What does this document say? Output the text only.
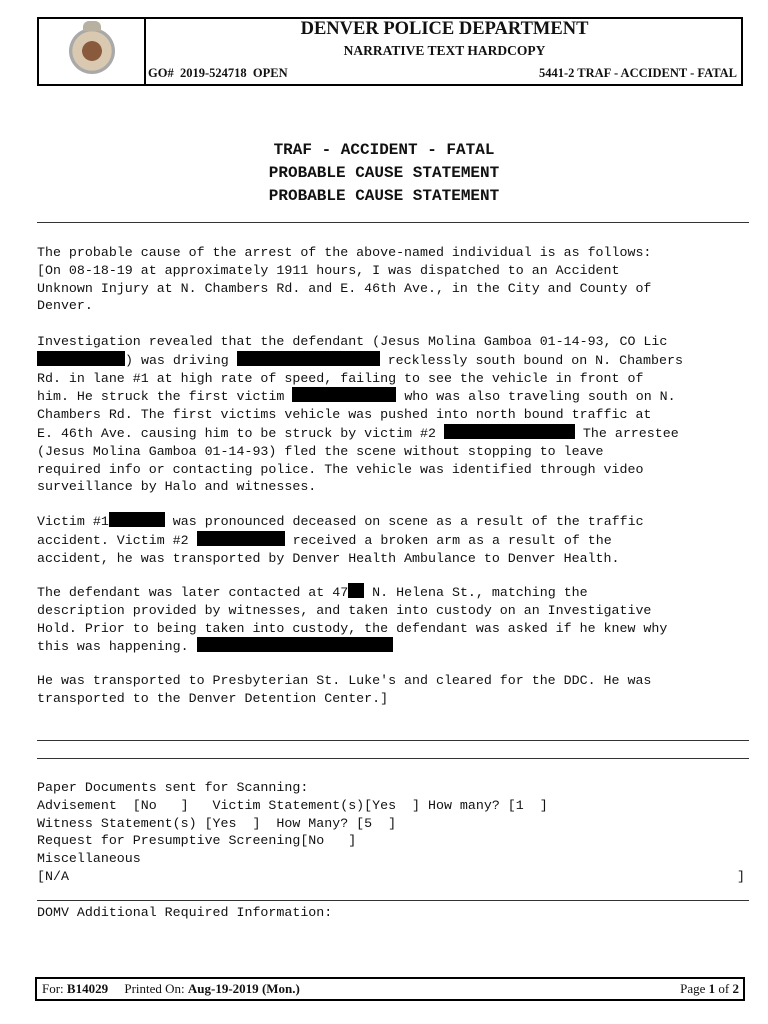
DENVER POLICE DEPARTMENT
NARRATIVE TEXT HARDCOPY
GO# 2019-524718 OPEN	5441-2 TRAF - ACCIDENT - FATAL
TRAF - ACCIDENT - FATAL
PROBABLE CAUSE STATEMENT
PROBABLE CAUSE STATEMENT
The probable cause of the arrest of the above-named individual is as follows:
[On 08-18-19 at approximately 1911 hours, I was dispatched to an Accident
Unknown Injury at N. Chambers Rd. and E. 46th Ave., in the City and County of
Denver.
Investigation revealed that the defendant (Jesus Molina Gamboa 01-14-93, CO Lic
) was driving	recklessly south bound on N. Chambers
Rd. in lane #1 at high rate of speed, failing to see the vehicle in front of
him. He struck the first victim	who was also traveling south on N.
Chambers Rd. The first victims vehicle was pushed into north bound traffic at
E. 46th Ave. causing him to be struck by victim #2	The arrestee
(Jesus Molina Gamboa 01-14-93) fled the scene without stopping to leave
required info or contacting police. The vehicle was identified through video
surveillance by Halo and witnesses.
Victim #1	was pronounced deceased on scene as a result of the traffic
accident. Victim #2	received a broken arm as a result of the
accident, he was transported by Denver Health Ambulance to Denver Health.
The defendant was later contacted at 47 N. Helena St., matching the
description provided by witnesses, and taken into custody on an Investigative
Hold. Prior to being taken into custody, the defendant was asked if he knew why
this was happening.
He was transported to Presbyterian St. Luke's and cleared for the DDC. He was
transported to the Denver Detention Center.]
Paper Documents sent for Scanning:
Advisement  [No   ]   Victim Statement(s)[Yes  ] How many? [1  ]
Witness Statement(s) [Yes  ]  How Many? [5  ]
Request for Presumptive Screening[No   ]
Miscellaneous
[N/A	]
DOMV Additional Required Information:
For: B14029 Printed On: Aug-19-2019 (Mon.)	Page 1 of 2
